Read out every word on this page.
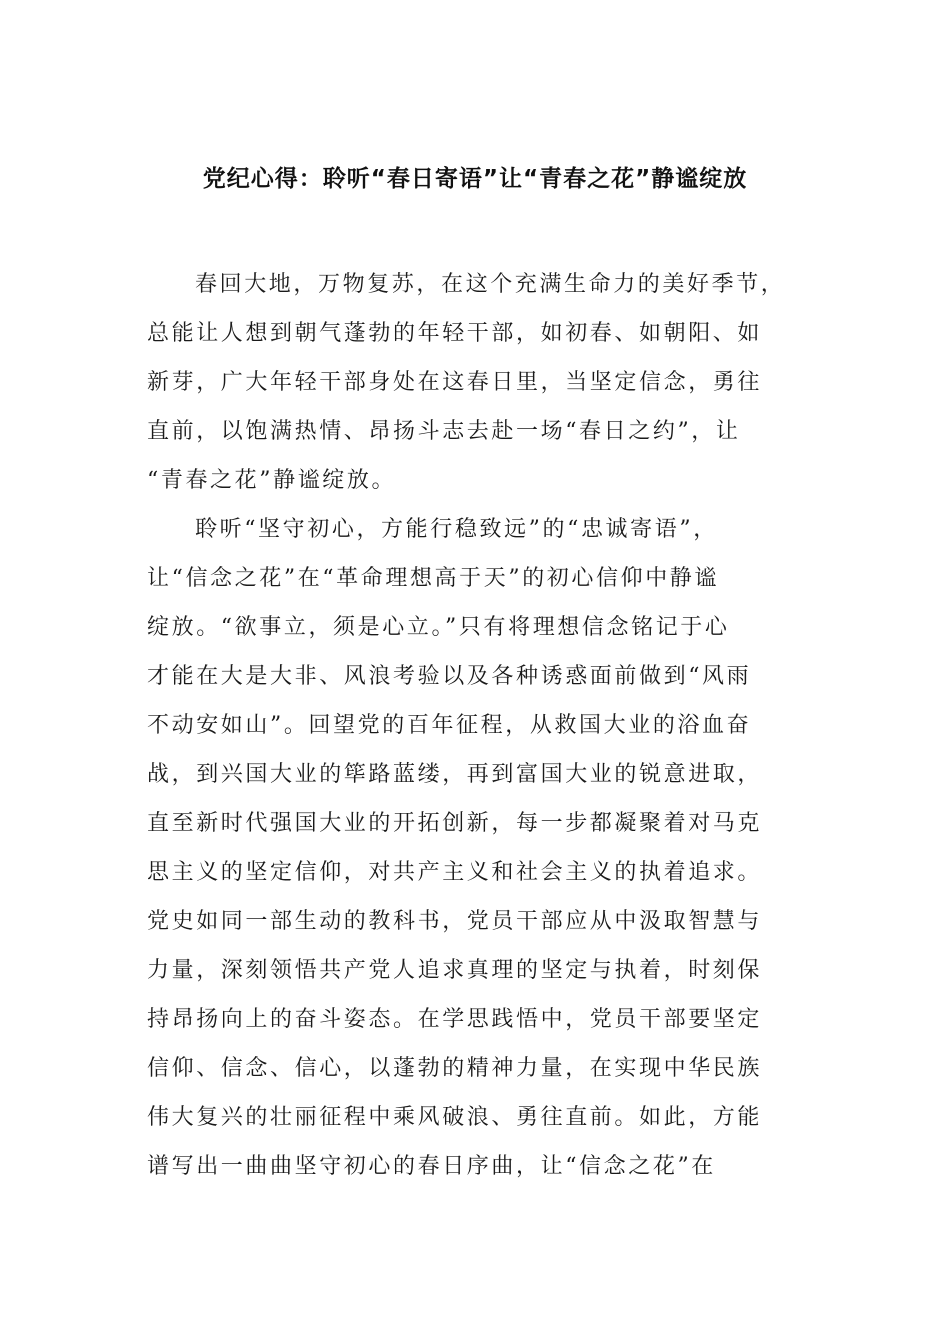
党纪心得：聆听“春日寄语”让“青春之花”静谧绽放
春回大地，万物复苏，在这个充满生命力的美好季节，
总能让人想到朝气蓬勃的年轻干部，如初春、如朝阳、如
新芽，广大年轻干部身处在这春日里，当坚定信念，勇往
直前，以饱满热情、昂扬斗志去赴一场“春日之约”，让
“青春之花”静谧绽放。
聆听“坚守初心，方能行稳致远”的“忠诚寄语”，
让“信念之花”在“革命理想高于天”的初心信仰中静谧
绽放。“欲事立，须是心立。”只有将理想信念铭记于心
才能在大是大非、风浪考验以及各种诱惑面前做到“风雨
不动安如山”。回望党的百年征程，从救国大业的浴血奋
战，到兴国大业的筚路蓝缕，再到富国大业的锐意进取，
直至新时代强国大业的开拓创新，每一步都凝聚着对马克
思主义的坚定信仰，对共产主义和社会主义的执着追求。
党史如同一部生动的教科书，党员干部应从中汲取智慧与
力量，深刻领悟共产党人追求真理的坚定与执着，时刻保
持昂扬向上的奋斗姿态。在学思践悟中，党员干部要坚定
信仰、信念、信心，以蓬勃的精神力量，在实现中华民族
伟大复兴的壮丽征程中乘风破浪、勇往直前。如此，方能
谱写出一曲曲坚守初心的春日序曲，让“信念之花”在
